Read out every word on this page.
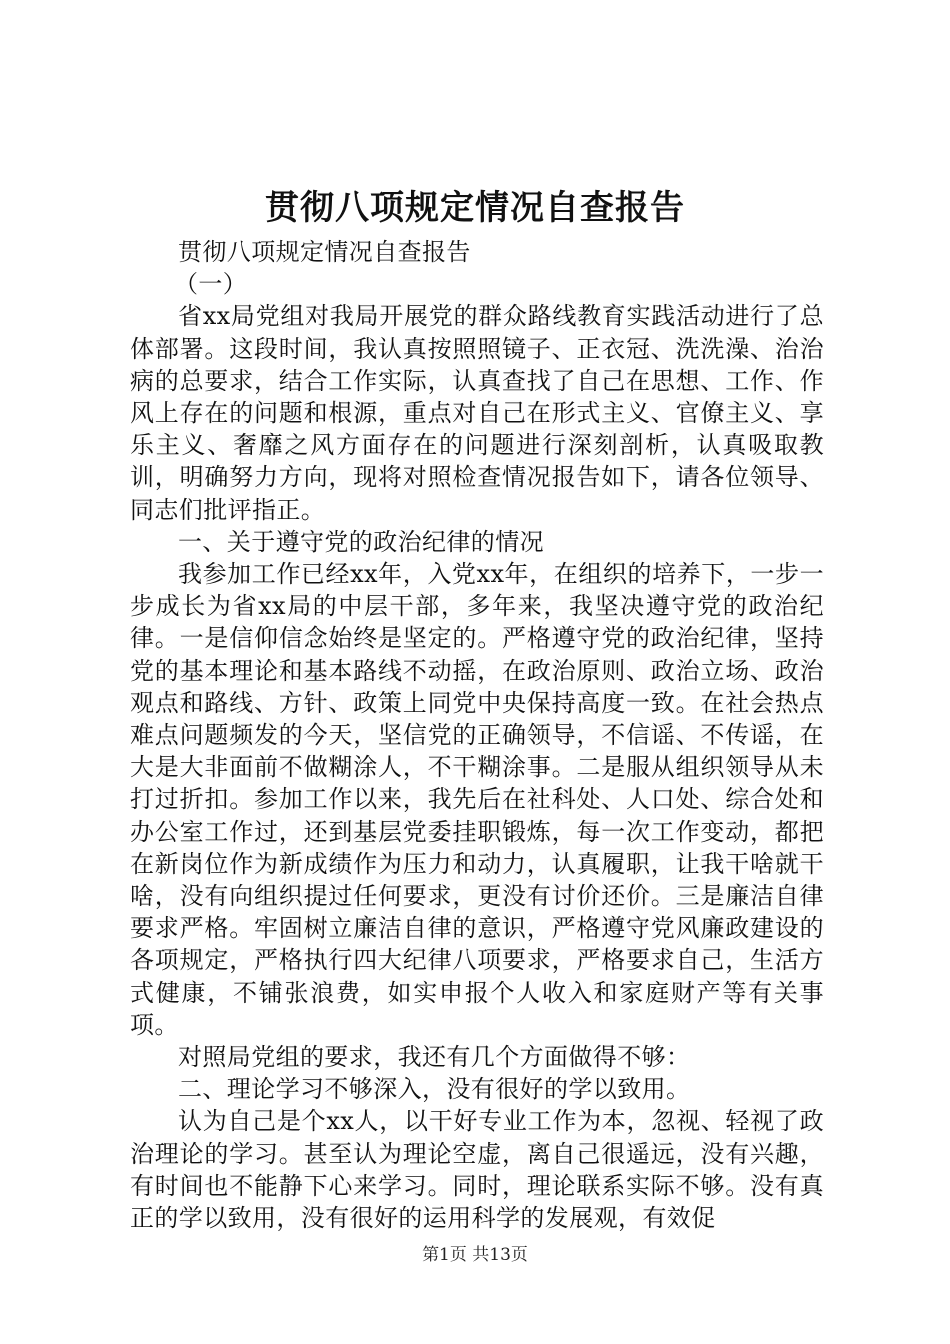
贯彻八项规定情况自查报告

贯彻八项规定情况自查报告

（一）

省xx局党组对我局开展党的群众路线教育实践活动进行了总体部署。这段时间，我认真按照照镜子、正衣冠、洗洗澡、治治病的总要求，结合工作实际，认真查找了自己在思想、工作、作风上存在的问题和根源，重点对自己在形式主义、官僚主义、享乐主义、奢靡之风方面存在的问题进行深刻剖析，认真吸取教训，明确努力方向，现将对照检查情况报告如下，请各位领导、同志们批评指正。

一、关于遵守党的政治纪律的情况

我参加工作已经xx年，入党xx年，在组织的培养下，一步一步成长为省xx局的中层干部，多年来，我坚决遵守党的政治纪律。一是信仰信念始终是坚定的。严格遵守党的政治纪律，坚持党的基本理论和基本路线不动摇，在政治原则、政治立场、政治观点和路线、方针、政策上同党中央保持高度一致。在社会热点难点问题频发的今天，坚信党的正确领导，不信谣、不传谣，在大是大非面前不做糊涂人，不干糊涂事。二是服从组织领导从未打过折扣。参加工作以来，我先后在社科处、人口处、综合处和办公室工作过，还到基层党委挂职锻炼，每一次工作变动，都把在新岗位作为新成绩作为压力和动力，认真履职，让我干啥就干啥，没有向组织提过任何要求，更没有讨价还价。三是廉洁自律要求严格。牢固树立廉洁自律的意识，严格遵守党风廉政建设的各项规定，严格执行四大纪律八项要求，严格要求自己，生活方式健康，不铺张浪费，如实申报个人收入和家庭财产等有关事项。

对照局党组的要求，我还有几个方面做得不够：

二、理论学习不够深入，没有很好的学以致用。

认为自己是个xx人，以干好专业工作为本，忽视、轻视了政治理论的学习。甚至认为理论空虚，离自己很遥远，没有兴趣，有时间也不能静下心来学习。同时，理论联系实际不够。没有真正的学以致用，没有很好的运用科学的发展观，有效促

第1页 共13页
